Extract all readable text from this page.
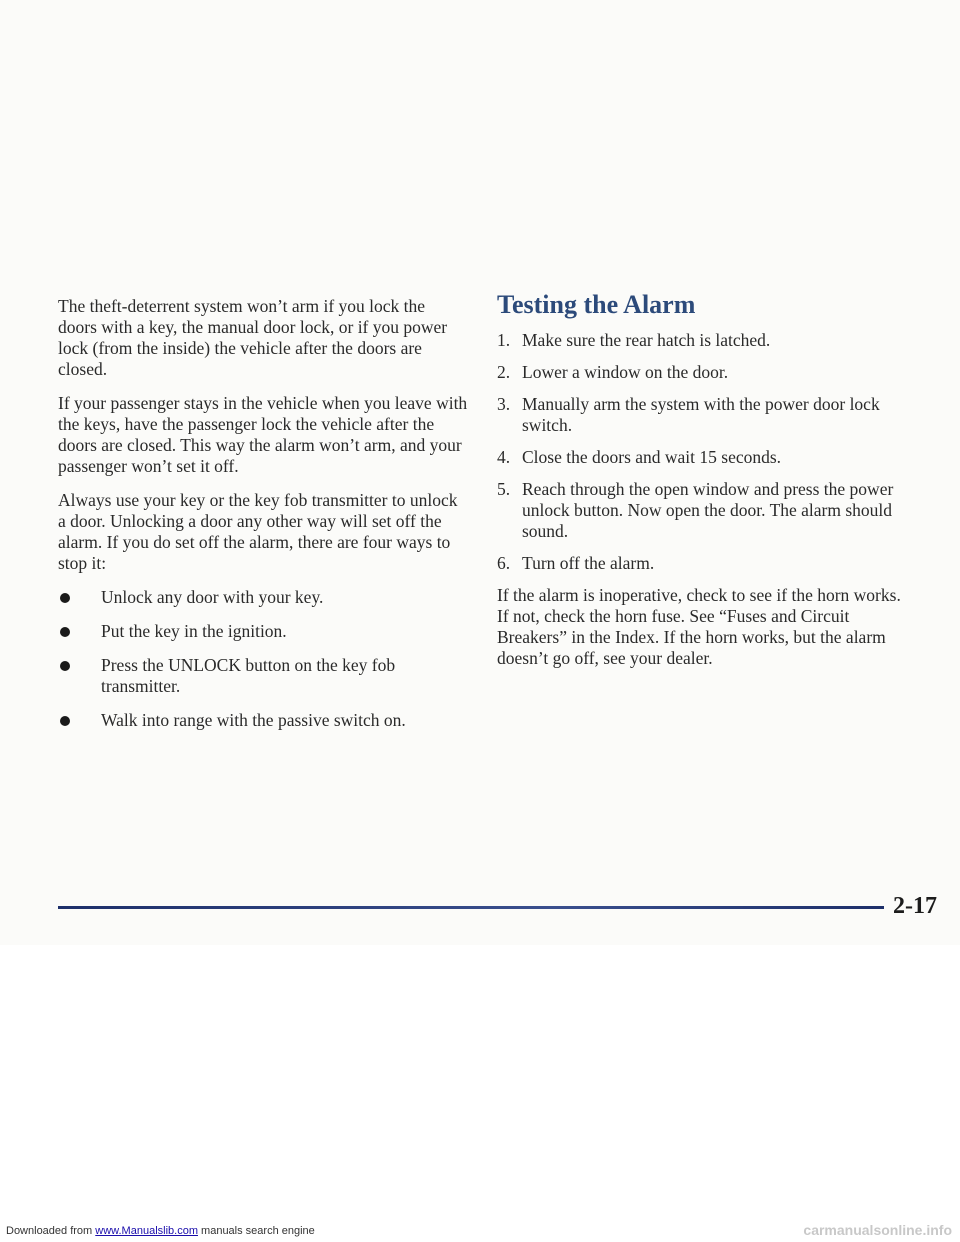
The theft-deterrent system won’t arm if you lock the doors with a key, the manual door lock, or if you power lock (from the inside) the vehicle after the doors are closed.

If your passenger stays in the vehicle when you leave with the keys, have the passenger lock the vehicle after the doors are closed. This way the alarm won’t arm, and your passenger won’t set it off.

Always use your key or the key fob transmitter to unlock a door. Unlocking a door any other way will set off the alarm. If you do set off the alarm, there are four ways to stop it:

Unlock any door with your key.
Put the key in the ignition.
Press the UNLOCK button on the key fob transmitter.
Walk into range with the passive switch on.
Testing the Alarm
1. Make sure the rear hatch is latched.
2. Lower a window on the door.
3. Manually arm the system with the power door lock switch.
4. Close the doors and wait 15 seconds.
5. Reach through the open window and press the power unlock button. Now open the door. The alarm should sound.
6. Turn off the alarm.

If the alarm is inoperative, check to see if the horn works. If not, check the horn fuse. See “Fuses and Circuit Breakers” in the Index. If the horn works, but the alarm doesn’t go off, see your dealer.

2-17
Downloaded from www.Manualslib.com manuals search engine	carmanualsonline.info
